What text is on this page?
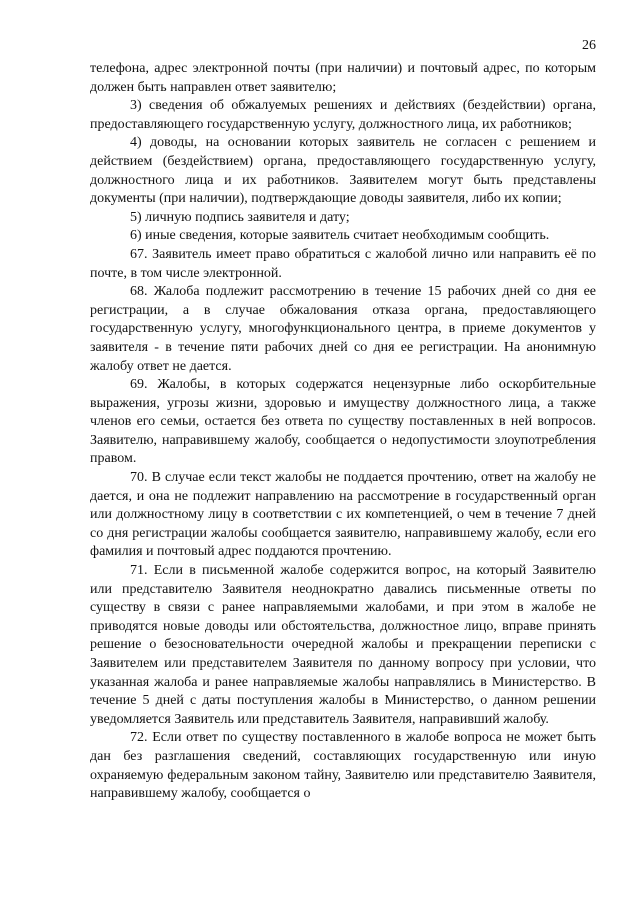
26

телефона, адрес электронной почты (при наличии) и почтовый адрес, по которым должен быть направлен ответ заявителю;

3) сведения об обжалуемых решениях и действиях (бездействии) органа, предоставляющего государственную услугу, должностного лица, их работников;

4) доводы, на основании которых заявитель не согласен с решением и действием (бездействием) органа, предоставляющего государственную услугу, должностного лица и их работников. Заявителем могут быть представлены документы (при наличии), подтверждающие доводы заявителя, либо их копии;

5) личную подпись заявителя и дату;

6) иные сведения, которые заявитель считает необходимым сообщить.

67. Заявитель имеет право обратиться с жалобой лично или направить её по почте, в том числе электронной.

68. Жалоба подлежит рассмотрению в течение 15 рабочих дней со дня ее регистрации, а в случае обжалования отказа органа, предоставляющего государственную услугу, многофункционального центра, в приеме документов у заявителя - в течение пяти рабочих дней со дня ее регистрации. На анонимную жалобу ответ не дается.

69. Жалобы, в которых содержатся нецензурные либо оскорбительные выражения, угрозы жизни, здоровью и имуществу должностного лица, а также членов его семьи, остается без ответа по существу поставленных в ней вопросов. Заявителю, направившему жалобу, сообщается о недопустимости злоупотребления правом.

70. В случае если текст жалобы не поддается прочтению, ответ на жалобу не дается, и она не подлежит направлению на рассмотрение в государственный орган или должностному лицу в соответствии с их компетенцией, о чем в течение 7 дней со дня регистрации жалобы сообщается заявителю, направившему жалобу, если его фамилия и почтовый адрес поддаются прочтению.

71. Если в письменной жалобе содержится вопрос, на который Заявителю или представителю Заявителя неоднократно давались письменные ответы по существу в связи с ранее направляемыми жалобами, и при этом в жалобе не приводятся новые доводы или обстоятельства, должностное лицо, вправе принять решение о безосновательности очередной жалобы и прекращении переписки с Заявителем или представителем Заявителя по данному вопросу при условии, что указанная жалоба и ранее направляемые жалобы направлялись в Министерство. В течение 5 дней с даты поступления жалобы в Министерство, о данном решении уведомляется Заявитель или представитель Заявителя, направивший жалобу.

72. Если ответ по существу поставленного в жалобе вопроса не может быть дан без разглашения сведений, составляющих государственную или иную охраняемую федеральным законом тайну, Заявителю или представителю Заявителя, направившему жалобу, сообщается о
